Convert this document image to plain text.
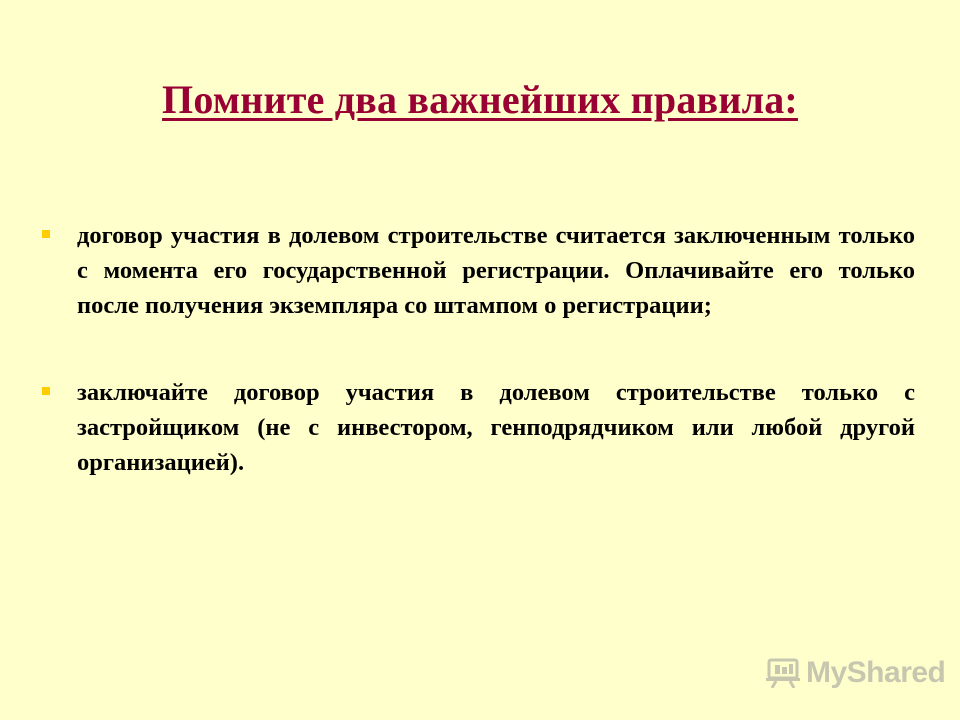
Помните два важнейших правила:
договор участия в долевом строительстве считается заключенным только с момента его государственной регистрации. Оплачивайте его только после получения экземпляра со штампом о регистрации;
заключайте договор участия в долевом строительстве только с застройщиком (не с инвестором, генподрядчиком или любой другой организацией).
MyShared
